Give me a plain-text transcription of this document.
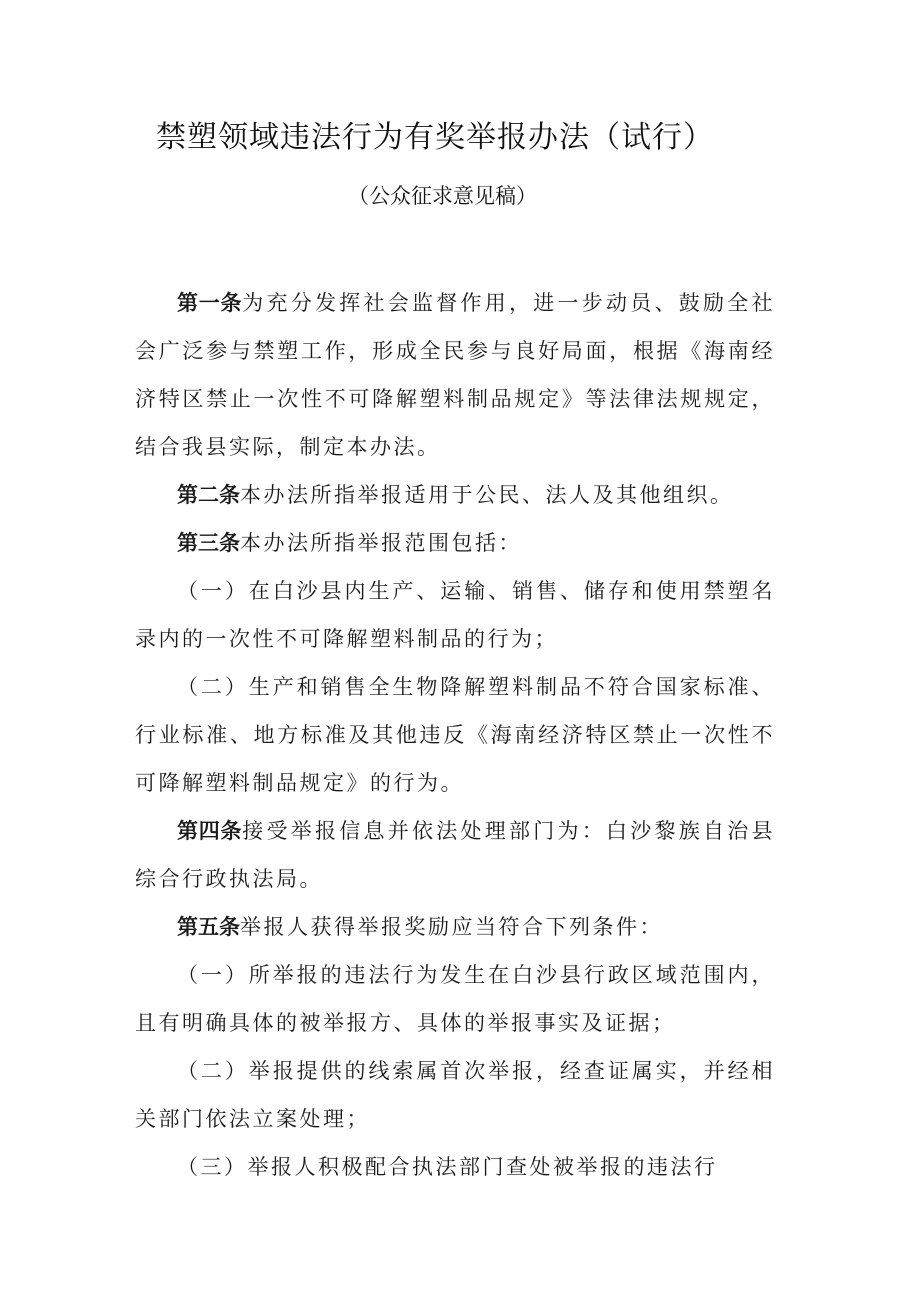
禁塑领域违法行为有奖举报办法（试行）
（公众征求意见稿）

第一条为充分发挥社会监督作用，进一步动员、鼓励全社会广泛参与禁塑工作，形成全民参与良好局面，根据《海南经济特区禁止一次性不可降解塑料制品规定》等法律法规规定，结合我县实际，制定本办法。

第二条本办法所指举报适用于公民、法人及其他组织。

第三条本办法所指举报范围包括：

（一）在白沙县内生产、运输、销售、储存和使用禁塑名录内的一次性不可降解塑料制品的行为；

（二）生产和销售全生物降解塑料制品不符合国家标准、行业标准、地方标准及其他违反《海南经济特区禁止一次性不可降解塑料制品规定》的行为。

第四条接受举报信息并依法处理部门为：白沙黎族自治县综合行政执法局。

第五条举报人获得举报奖励应当符合下列条件：

（一）所举报的违法行为发生在白沙县行政区域范围内，且有明确具体的被举报方、具体的举报事实及证据；

（二）举报提供的线索属首次举报，经查证属实，并经相关部门依法立案处理；

（三）举报人积极配合执法部门查处被举报的违法行
